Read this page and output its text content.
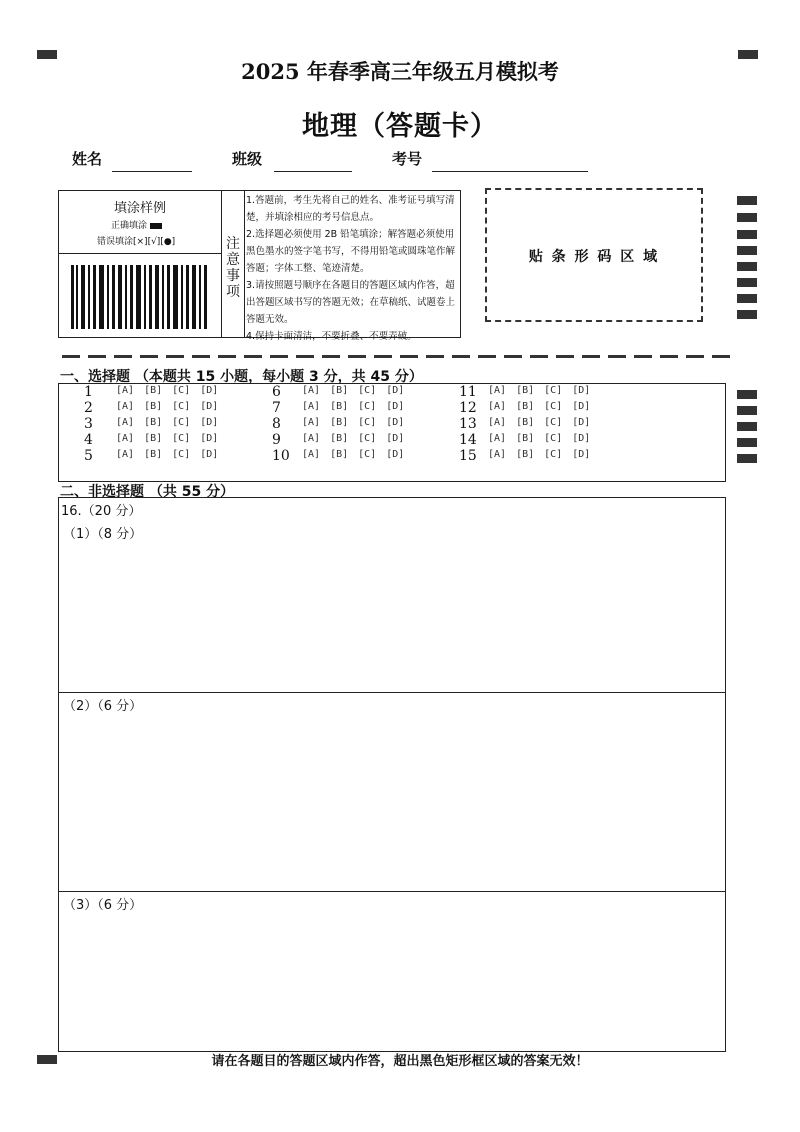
2025 年春季高三年级五月模拟考
地理（答题卡）
姓名	班级	考号
填涂样例
正确填涂
错误填涂[×][√][●]	注
意
事
项
1.答题前，考生先将自己的姓名、准考证号填写清楚，并填涂相应的考号信息点。
2.选择题必须使用 2B 铅笔填涂；解答题必须使用黑色墨水的签字笔书写，不得用铅笔或圆珠笔作解答题；字体工整、笔迹清楚。
3.请按照题号顺序在各题目的答题区域内作答，超出答题区域书写的答题无效；在草稿纸、试题卷上答题无效。
4.保持卡面清洁，不要折叠、不要弄破。
贴 条 形 码 区 域
一、选择题 （本题共 15 小题，每小题 3 分，共 45 分）
1 [A] [B] [C] [D]
2 [A] [B] [C] [D]
3 [A] [B] [C] [D]
4 [A] [B] [C] [D]
5 [A] [B] [C] [D]
6 [A] [B] [C] [D]
7 [A] [B] [C] [D]
8 [A] [B] [C] [D]
9 [A] [B] [C] [D]
10 [A] [B] [C] [D]
11 [A] [B] [C] [D]
12 [A] [B] [C] [D]
13 [A] [B] [C] [D]
14 [A] [B] [C] [D]
15 [A] [B] [C] [D]
二、非选择题 （共 55 分）
16.（20 分）
（1）（8 分）
（2）（6 分）
（3）（6 分）
请在各题目的答题区域内作答，超出黑色矩形框区域的答案无效！
